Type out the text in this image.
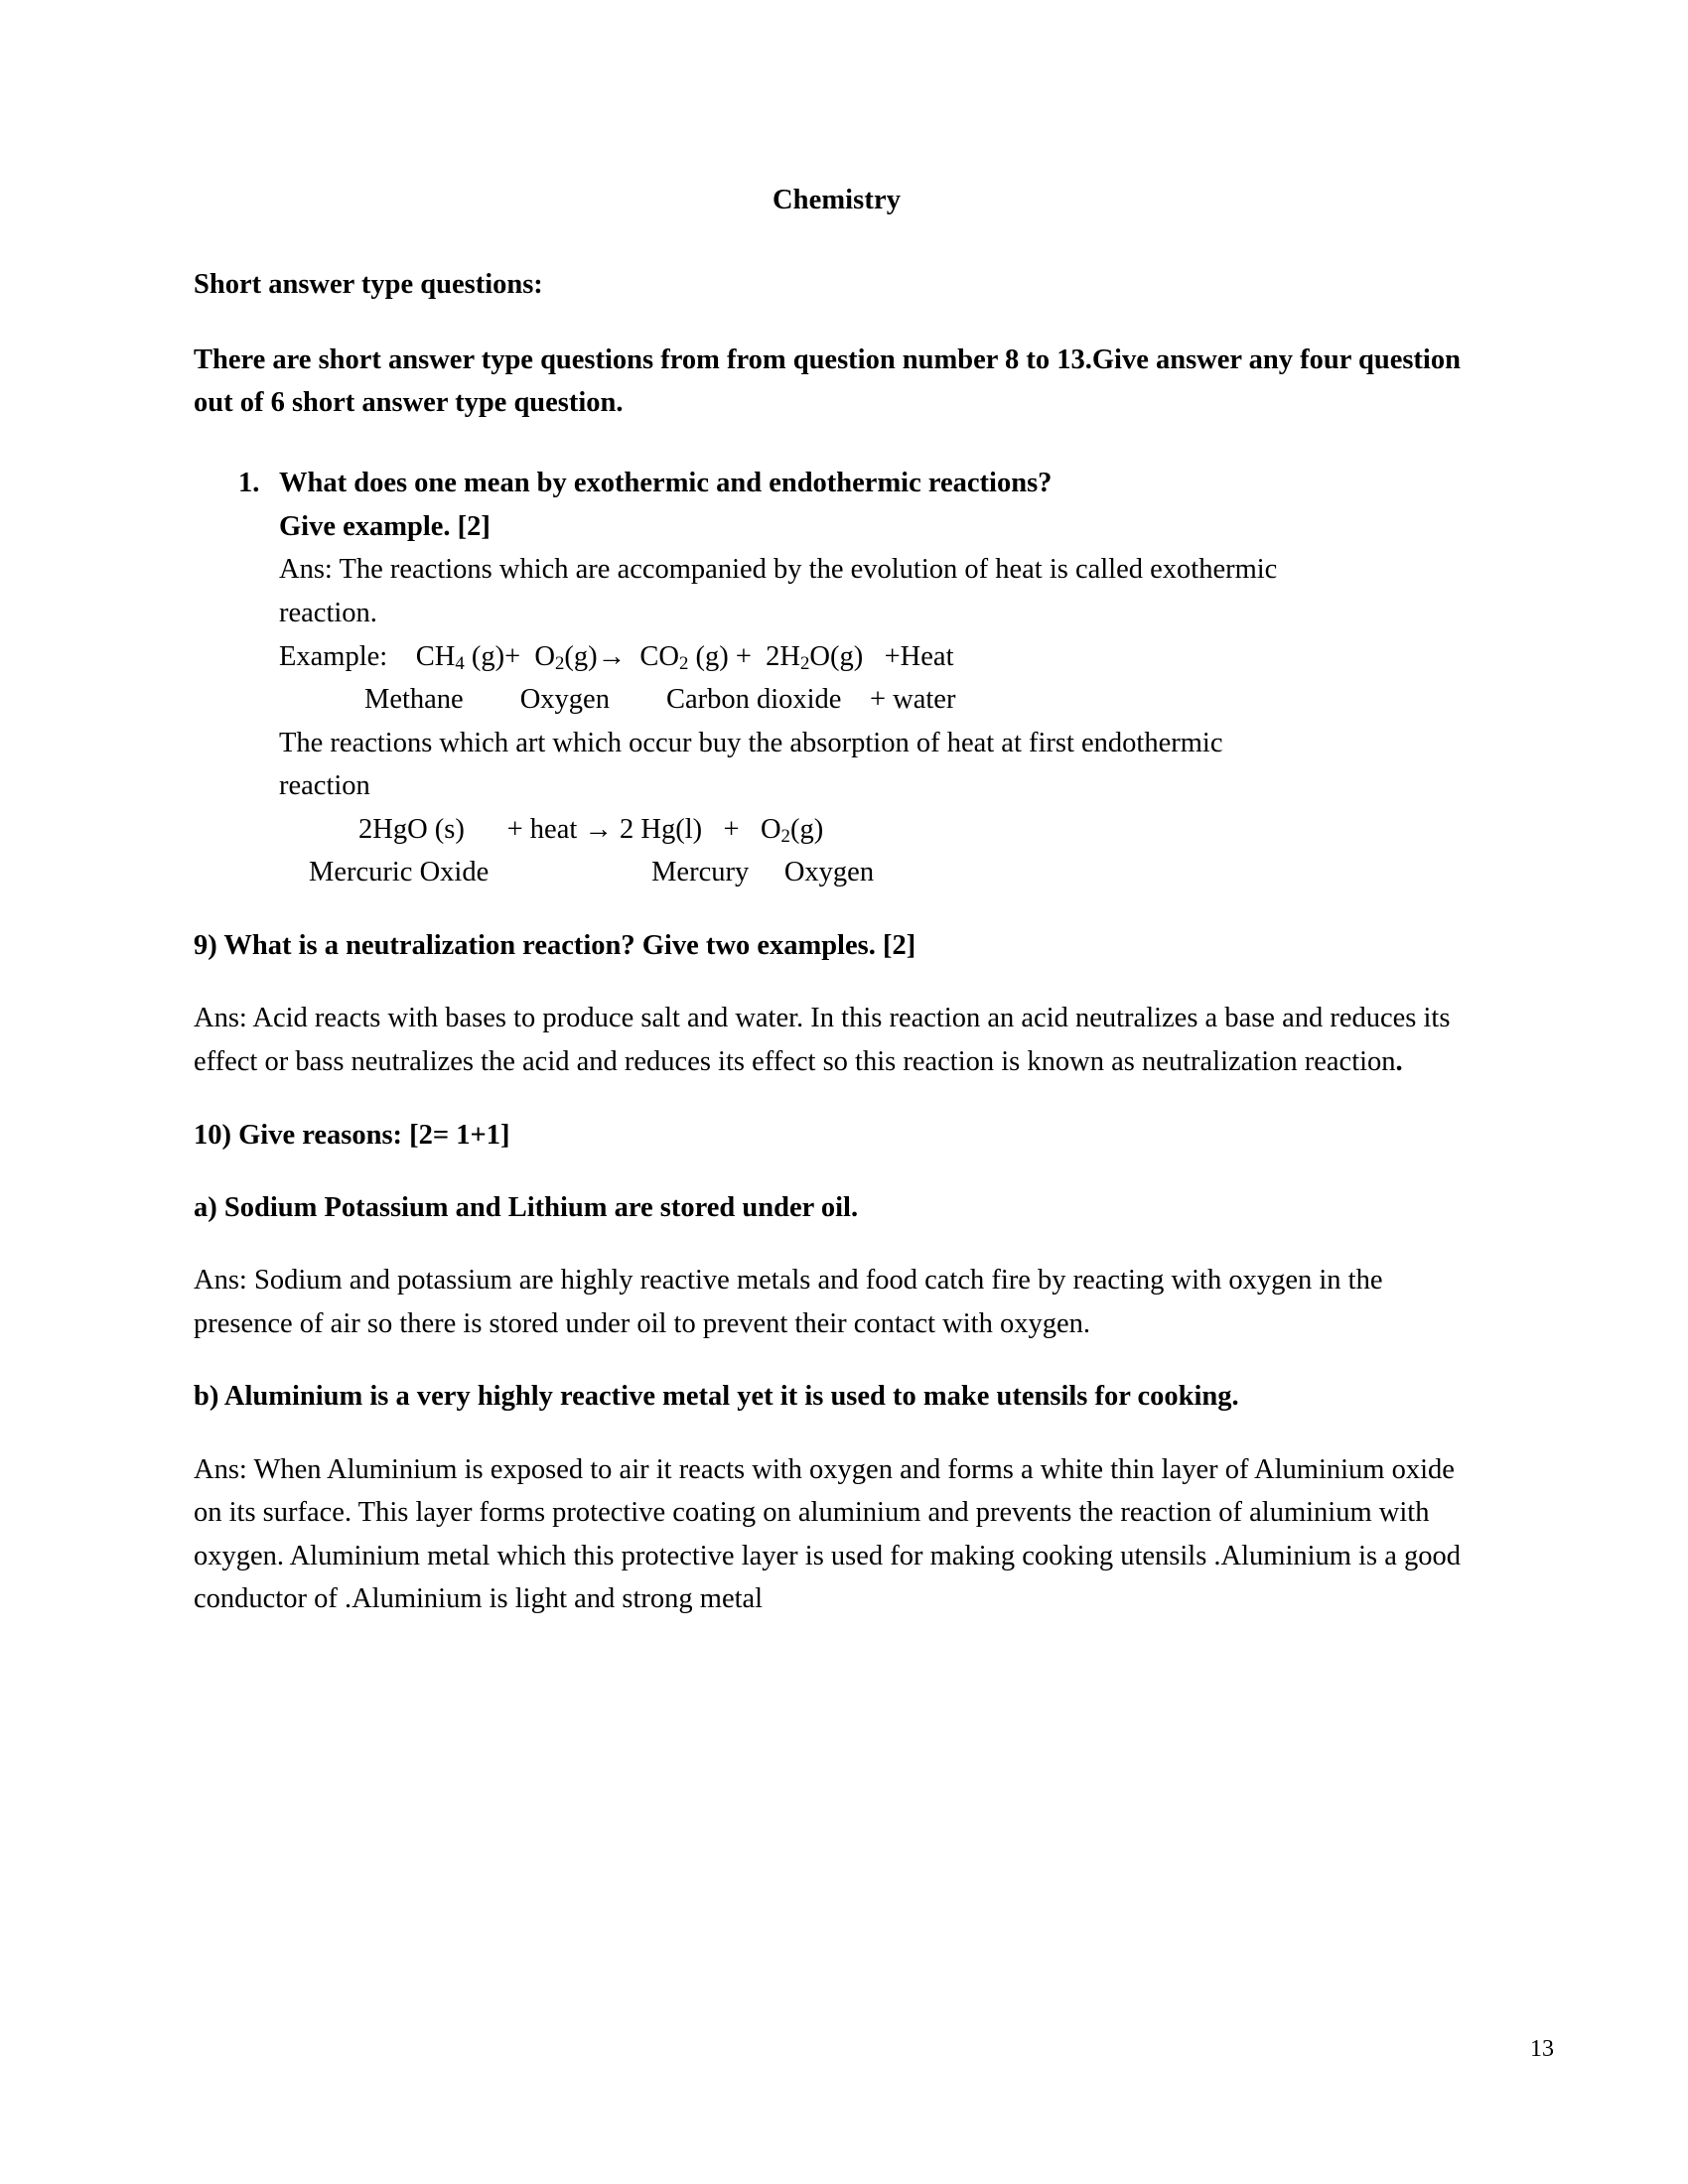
Chemistry
Short answer type questions:
There are short answer type questions from from question number 8 to 13.Give answer any four question out of 6 short answer type question.
1. What does one mean by exothermic and endothermic reactions?
Give example. [2]
Ans: The reactions which are accompanied by the evolution of heat is called exothermic
reaction.
Example:    $CH_4$ $(g)+ O_2(g)\to CO_2$ $(g) + 2H_2O(g)$   +Heat
Methane        Oxygen        Carbon dioxide    + water
The reactions which art which occur buy the absorption of heat at first endothermic
reaction
2HgO (s)      + heat → 2 $Hg(l) + O_2(g)$
Mercuric Oxide                       Mercury     Oxygen
9) What is a neutralization reaction? Give two examples. [2]
Ans: Acid reacts with bases to produce salt and water. In this reaction an acid neutralizes a base and reduces its effect or bass neutralizes the acid and reduces its effect so this reaction is known as neutralization reaction.
10) Give reasons: [2= 1+1]
a) Sodium Potassium and Lithium are stored under oil.
Ans: Sodium and potassium are highly reactive metals and food catch fire by reacting with oxygen in the presence of air so there is stored under oil to prevent their contact with oxygen.
b) Aluminium is a very highly reactive metal yet it is used to make utensils for cooking.
Ans: When Aluminium is exposed to air it reacts with oxygen and forms a white thin layer of Aluminium oxide on its surface. This layer forms protective coating on aluminium and prevents the reaction of aluminium with oxygen. Aluminium metal which this protective layer is used for making cooking utensils .Aluminium is a good conductor of .Aluminium is light and strong metal
13
